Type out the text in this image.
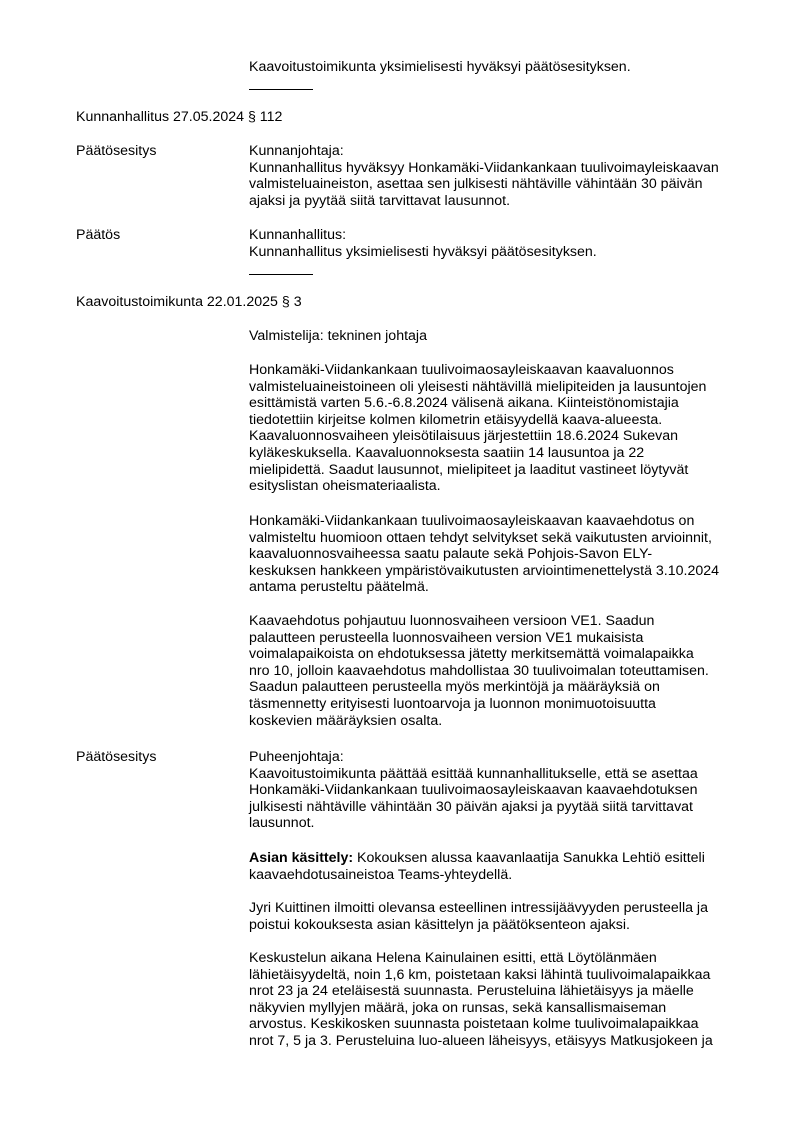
Kaavoitustoimikunta yksimielisesti hyväksyi päätösesityksen.
Kunnanhallitus 27.05.2024 § 112
Päätösesitys	Kunnanjohtaja:
Kunnanhallitus hyväksyy Honkamäki-Viidankankaan tuulivoimayleiskaavan
valmisteluaineiston, asettaa sen julkisesti nähtäville vähintään 30 päivän
ajaksi ja pyytää siitä tarvittavat lausunnot.
Päätös	Kunnanhallitus:
Kunnanhallitus yksimielisesti hyväksyi päätösesityksen.
Kaavoitustoimikunta 22.01.2025 § 3
Valmistelija: tekninen johtaja
Honkamäki-Viidankankaan tuulivoimaosayleiskaavan kaavaluonnos
valmisteluaineistoineen oli yleisesti nähtävillä mielipiteiden ja lausuntojen
esittämistä varten 5.6.-6.8.2024 välisenä aikana. Kiinteistönomistajia
tiedotettiin kirjeitse kolmen kilometrin etäisyydellä kaava-alueesta.
Kaavaluonnosvaiheen yleisötilaisuus järjestettiin 18.6.2024 Sukevan
kyläkeskuksella. Kaavaluonnoksesta saatiin 14 lausuntoa ja 22
mielipidettä. Saadut lausunnot, mielipiteet ja laaditut vastineet löytyvät
esityslistan oheismateriaalista.
Honkamäki-Viidankankaan tuulivoimaosayleiskaavan kaavaehdotus on
valmisteltu huomioon ottaen tehdyt selvitykset sekä vaikutusten arvioinnit,
kaavaluonnosvaiheessa saatu palaute sekä Pohjois-Savon ELY-
keskuksen hankkeen ympäristövaikutusten arviointimenettelystä 3.10.2024
antama perusteltu päätelmä.
Kaavaehdotus pohjautuu luonnosvaiheen versioon VE1. Saadun
palautteen perusteella luonnosvaiheen version VE1 mukaisista
voimalapaikoista on ehdotuksessa jätetty merkitsemättä voimalapaikka
nro 10, jolloin kaavaehdotus mahdollistaa 30 tuulivoimalan toteuttamisen.
Saadun palautteen perusteella myös merkintöjä ja määräyksiä on
täsmennetty erityisesti luontoarvoja ja luonnon monimuotoisuutta
koskevien määräyksien osalta.
Päätösesitys	Puheenjohtaja:
Kaavoitustoimikunta päättää esittää kunnanhallitukselle, että se asettaa
Honkamäki-Viidankankaan tuulivoimaosayleiskaavan kaavaehdotuksen
julkisesti nähtäville vähintään 30 päivän ajaksi ja pyytää siitä tarvittavat
lausunnot.
Asian käsittely: Kokouksen alussa kaavanlaatija Sanukka Lehtiö esitteli
kaavaehdotusaineistoa Teams-yhteydellä.
Jyri Kuittinen ilmoitti olevansa esteellinen intressijäävyyden perusteella ja
poistui kokouksesta asian käsittelyn ja päätöksenteon ajaksi.
Keskustelun aikana Helena Kainulainen esitti, että Löytölänmäen
lähietäisyydeltä, noin 1,6 km, poistetaan kaksi lähintä tuulivoimalapaikkaa
nrot 23 ja 24 eteläisestä suunnasta. Perusteluina lähietäisyys ja mäelle
näkyvien myllyjen määrä, joka on runsas, sekä kansallismaiseman
arvostus. Keskikosken suunnasta poistetaan kolme tuulivoimalapaikkaa
nrot 7, 5 ja 3. Perusteluina luo-alueen läheisyys, etäisyys Matkusjokeen ja
